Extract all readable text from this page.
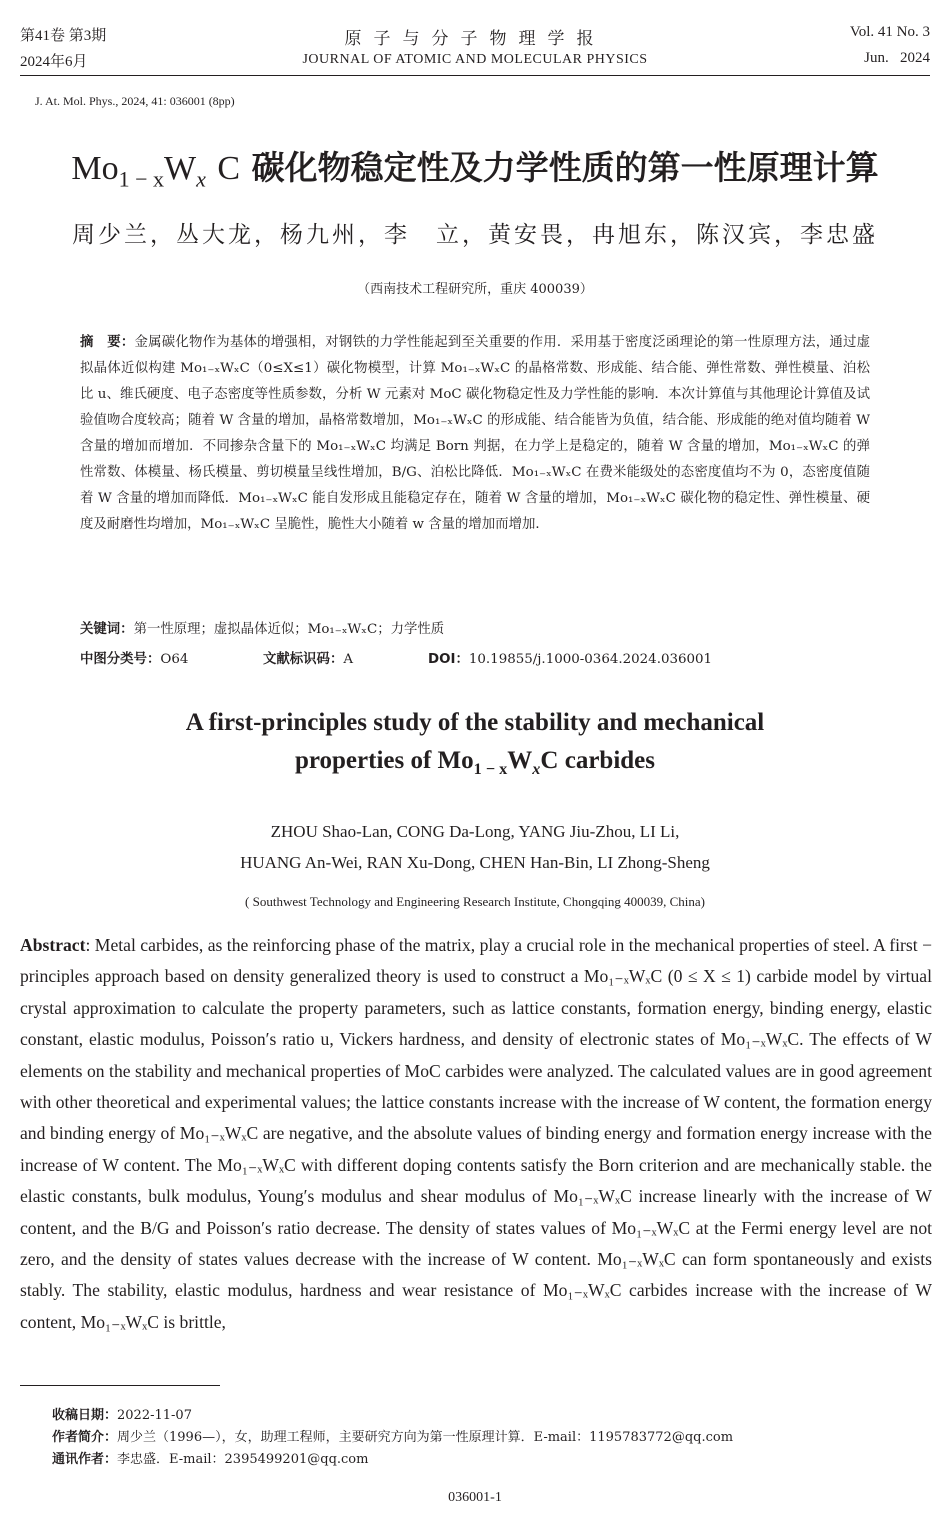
第41卷 第3期
2024年6月
原子与分子物理学报
JOURNAL OF ATOMIC AND MOLECULAR PHYSICS
Vol. 41 No. 3
Jun.   2024
J. At. Mol. Phys., 2024, 41: 036001 (8pp)
$Mo_{1 - x}W_x$ C 碳化物稳定性及力学性质的第一性原理计算
周少兰，丛大龙，杨九州，李　立，黄安畏，冉旭东，陈汉宾，李忠盛
（西南技术工程研究所，重庆 400039）
摘　要：金属碳化物作为基体的增强相，对钢铁的力学性能起到至关重要的作用．采用基于密度泛函理论的第一性原理方法，通过虚拟晶体近似构建 Mo₁₋ₓWₓC（0≤X≤1）碳化物模型，计算 Mo₁₋ₓWₓC 的晶格常数、形成能、结合能、弹性常数、弹性模量、泊松比 u、维氏硬度、电子态密度等性质参数，分析 W 元素对 MoC 碳化物稳定性及力学性能的影响．本次计算值与其他理论计算值及试验值吻合度较高；随着 W 含量的增加，晶格常数增加，Mo₁₋ₓWₓC 的形成能、结合能皆为负值，结合能、形成能的绝对值均随着 W 含量的增加而增加．不同掺杂含量下的 Mo₁₋ₓWₓC 均满足 Born 判据，在力学上是稳定的，随着 W 含量的增加，Mo₁₋ₓWₓC 的弹性常数、体模量、杨氏模量、剪切模量呈线性增加，B/G、泊松比降低．Mo₁₋ₓWₓC 在费米能级处的态密度值均不为 0，态密度值随着 W 含量的增加而降低．Mo₁₋ₓWₓC 能自发形成且能稳定存在，随着 W 含量的增加，Mo₁₋ₓWₓC 碳化物的稳定性、弹性模量、硬度及耐磨性均增加，Mo₁₋ₓWₓC 呈脆性，脆性大小随着 w 含量的增加而增加．
关键词：第一性原理；虚拟晶体近似；Mo₁₋ₓWₓC；力学性质
中图分类号：O64	文献标识码：A	DOI：10.19855/j.1000-0364.2024.036001
A first-principles study of the stability and mechanical
properties of $Mo_{1 - x}W_xC$ carbides
ZHOU Shao-Lan, CONG Da-Long, YANG Jiu-Zhou, LI Li,
HUANG An-Wei, RAN Xu-Dong, CHEN Han-Bin, LI Zhong-Sheng
( Southwest Technology and Engineering Research Institute, Chongqing 400039, China)
Abstract: Metal carbides, as the reinforcing phase of the matrix, play a crucial role in the mechanical properties of steel. A first − principles approach based on density generalized theory is used to construct a Mo₁₋ₓWₓC (0 ≤ X ≤ 1) carbide model by virtual crystal approximation to calculate the property parameters, such as lattice constants, formation energy, binding energy, elastic constant, elastic modulus, Poisson′s ratio u, Vickers hardness, and density of electronic states of Mo₁₋ₓWₓC. The effects of W elements on the stability and mechanical properties of MoC carbides were analyzed. The calculated values are in good agreement with other theoretical and experimental values; the lattice constants increase with the increase of W content, the formation energy and binding energy of Mo₁₋ₓWₓC are negative, and the absolute values of binding energy and formation energy increase with the increase of W content. The Mo₁₋ₓWₓC with different doping contents satisfy the Born criterion and are mechanically stable. the elastic constants, bulk modulus, Young′s modulus and shear modulus of Mo₁₋ₓWₓC increase linearly with the increase of W content, and the B/G and Poisson′s ratio decrease. The density of states values of Mo₁₋ₓWₓC at the Fermi energy level are not zero, and the density of states values decrease with the increase of W content. Mo₁₋ₓWₓC can form spontaneously and exists stably. The stability, elastic modulus, hardness and wear resistance of Mo₁₋ₓWₓC carbides increase with the increase of W content, Mo₁₋ₓWₓC is brittle,
收稿日期：2022-11-07
作者简介：周少兰（1996—），女，助理工程师，主要研究方向为第一性原理计算．E-mail：1195783772@qq.com
通讯作者：李忠盛．E-mail：2395499201@qq.com
036001-1
